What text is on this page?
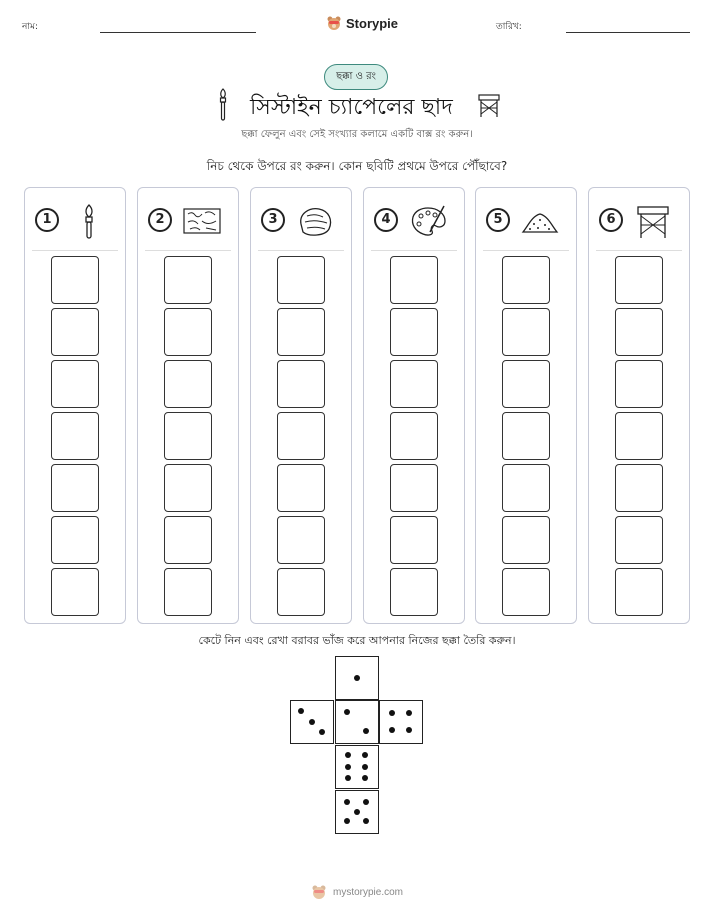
নাম:	Storypie	তারিখ:
ছক্কা ও রং
সিস্টাইন চ্যাপেলের ছাদ
ছক্কা ফেলুন এবং সেই সংখ্যার কলামে একটি বাক্স রং করুন।
নিচ থেকে উপরে রং করুন। কোন ছবিটি প্রথমে উপরে পৌঁছাবে?
1	2	3	4	5	6
কেটে নিন এবং রেখা বরাবর ভাঁজ করে আপনার নিজের ছক্কা তৈরি করুন।
mystorypie.com
